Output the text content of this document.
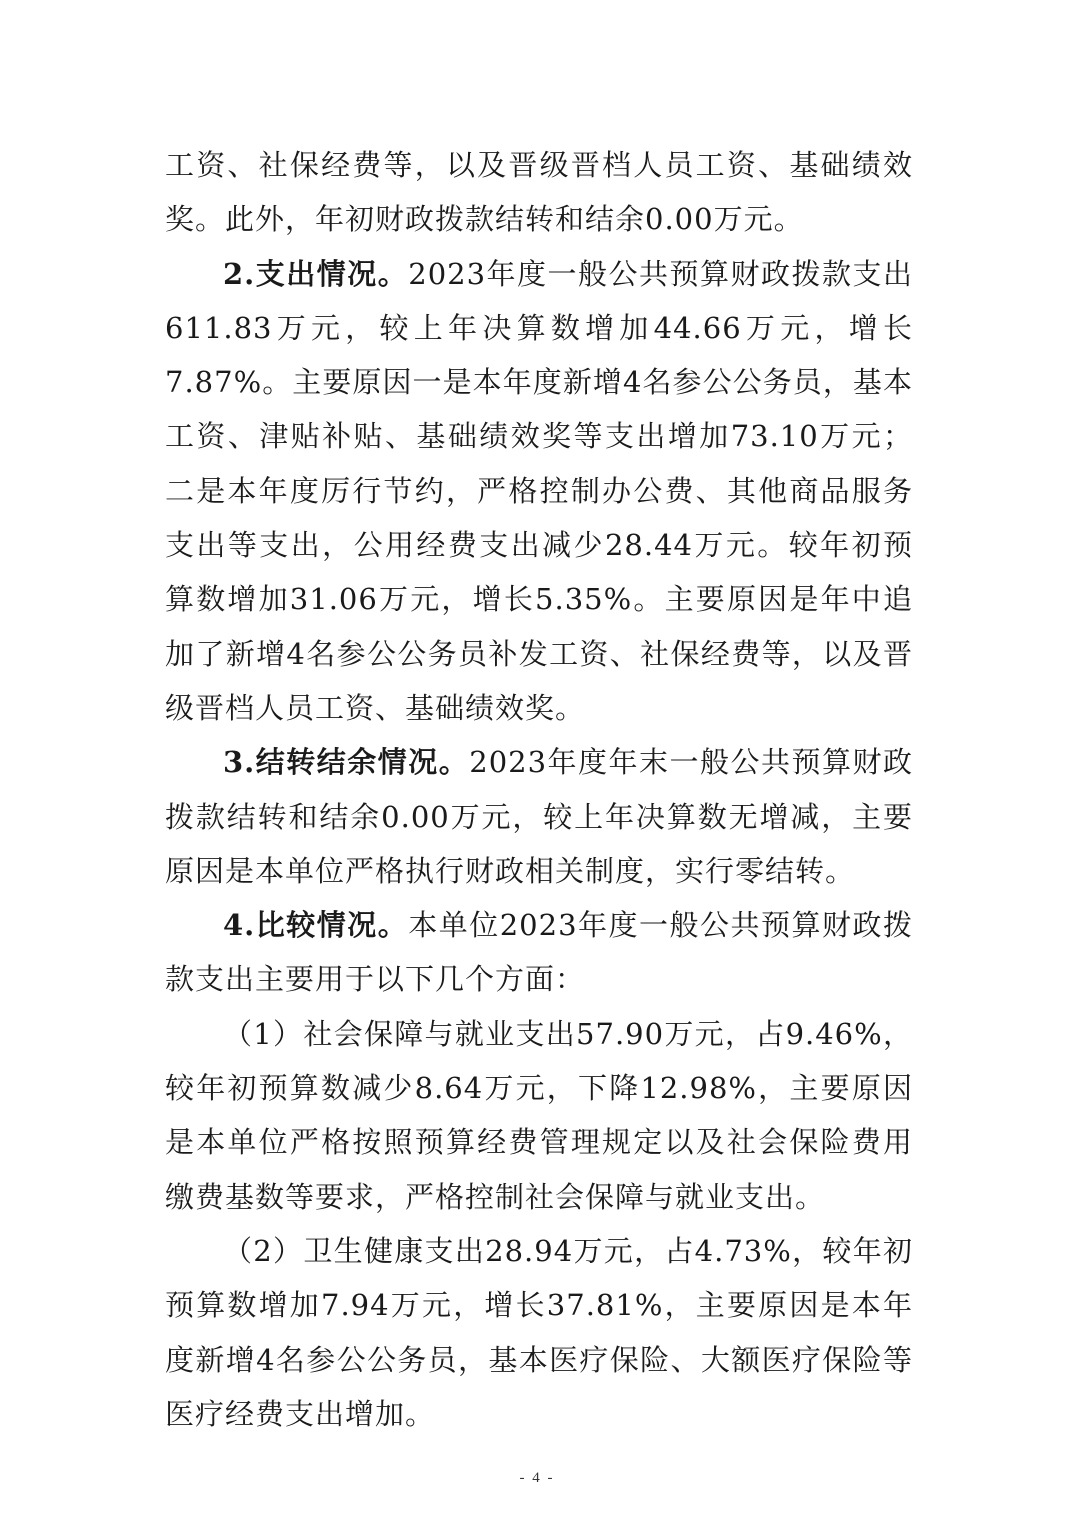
工资、社保经费等，以及晋级晋档人员工资、基础绩效奖。此外，年初财政拨款结转和结余0.00万元。

2.支出情况。2023年度一般公共预算财政拨款支出611.83万元，较上年决算数增加44.66万元，增长7.87%。主要原因一是本年度新增4名参公公务员，基本工资、津贴补贴、基础绩效奖等支出增加73.10万元；二是本年度厉行节约，严格控制办公费、其他商品服务支出等支出，公用经费支出减少28.44万元。较年初预算数增加31.06万元，增长5.35%。主要原因是年中追加了新增4名参公公务员补发工资、社保经费等，以及晋级晋档人员工资、基础绩效奖。

3.结转结余情况。2023年度年末一般公共预算财政拨款结转和结余0.00万元，较上年决算数无增减，主要原因是本单位严格执行财政相关制度，实行零结转。

4.比较情况。本单位2023年度一般公共预算财政拨款支出主要用于以下几个方面：

（1）社会保障与就业支出57.90万元，占9.46%，较年初预算数减少8.64万元，下降12.98%，主要原因是本单位严格按照预算经费管理规定以及社会保险费用缴费基数等要求，严格控制社会保障与就业支出。

（2）卫生健康支出28.94万元，占4.73%，较年初预算数增加7.94万元，增长37.81%，主要原因是本年度新增4名参公公务员，基本医疗保险、大额医疗保险等医疗经费支出增加。

- 4 -
